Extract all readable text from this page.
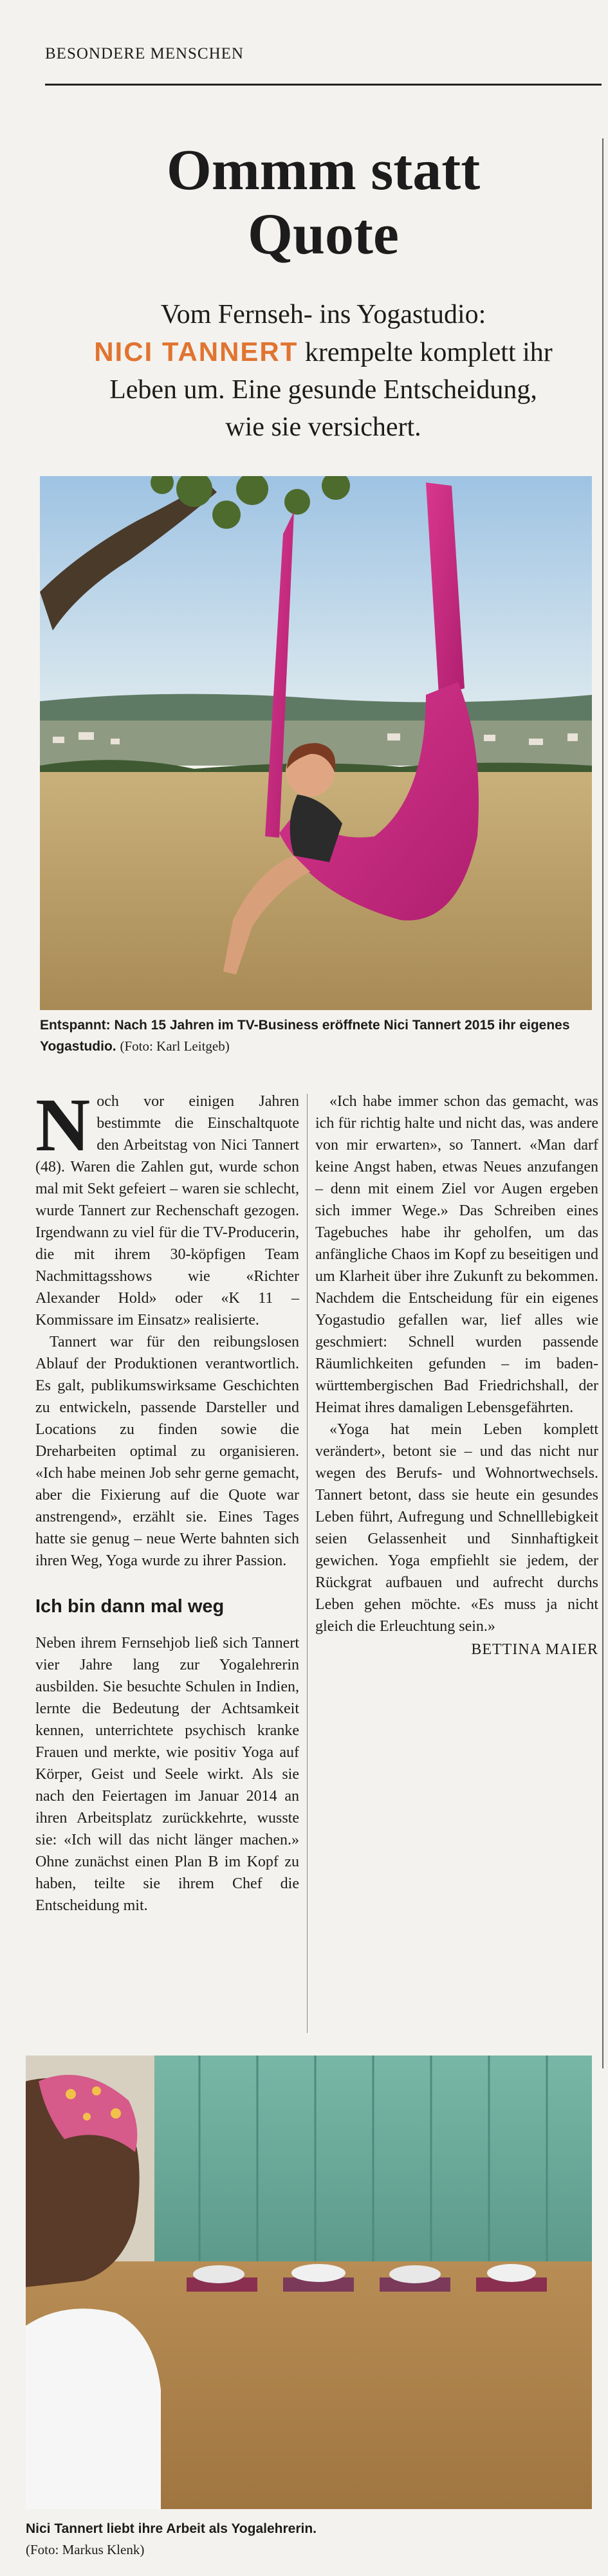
BESONDERE MENSCHEN
Ommm statt
Quote
Vom Fernseh- ins Yogastudio:
NICI TANNERT krempelte komplett ihr
Leben um. Eine gesunde Entscheidung,
wie sie versichert.
Entspannt: Nach 15 Jahren im TV-Business eröffnete Nici Tannert 2015 ihr eigenes Yogastudio. (Foto: Karl Leitgeb)

Noch vor einigen Jahren bestimmte die Einschaltquote den Arbeitstag von Nici Tannert (48). Waren die Zahlen gut, wurde schon mal mit Sekt gefeiert – waren sie schlecht, wurde Tannert zur Rechenschaft gezogen. Irgendwann zu viel für die TV-Producerin, die mit ihrem 30-köpfigen Team Nachmittagsshows wie «Richter Alexander Hold» oder «K 11 – Kommissare im Einsatz» realisierte.

Tannert war für den reibungslosen Ablauf der Produktionen verantwortlich. Es galt, publikumswirksame Geschichten zu entwickeln, passende Darsteller und Locations zu finden sowie die Dreharbeiten optimal zu organisieren. «Ich habe meinen Job sehr gerne gemacht, aber die Fixierung auf die Quote war anstrengend», erzählt sie. Eines Tages hatte sie genug – neue Werte bahnten sich ihren Weg, Yoga wurde zu ihrer Passion.

Ich bin dann mal weg

Neben ihrem Fernsehjob ließ sich Tannert vier Jahre lang zur Yogalehrerin ausbilden. Sie besuchte Schulen in Indien, lernte die Bedeutung der Achtsamkeit kennen, unterrichtete psychisch kranke Frauen und merkte, wie positiv Yoga auf Körper, Geist und Seele wirkt. Als sie nach den Feiertagen im Januar 2014 an ihren Arbeitsplatz zurückkehrte, wusste sie: «Ich will das nicht länger machen.» Ohne zunächst einen Plan B im Kopf zu haben, teilte sie ihrem Chef die Entscheidung mit.

«Ich habe immer schon das gemacht, was ich für richtig halte und nicht das, was andere von mir erwarten», so Tannert. «Man darf keine Angst haben, etwas Neues anzufangen – denn mit einem Ziel vor Augen ergeben sich immer Wege.» Das Schreiben eines Tagebuches habe ihr geholfen, um das anfängliche Chaos im Kopf zu beseitigen und um Klarheit über ihre Zukunft zu bekommen. Nachdem die Entscheidung für ein eigenes Yogastudio gefallen war, lief alles wie geschmiert: Schnell wurden passende Räumlichkeiten gefunden – im baden-württembergischen Bad Friedrichshall, der Heimat ihres damaligen Lebensgefährten.

«Yoga hat mein Leben komplett verändert», betont sie – und das nicht nur wegen des Berufs- und Wohnortwechsels. Tannert betont, dass sie heute ein gesundes Leben führt, Aufregung und Schnelllebigkeit seien Gelassenheit und Sinnhaftigkeit gewichen. Yoga empfiehlt sie jedem, der Rückgrat aufbauen und aufrecht durchs Leben gehen möchte. «Es muss ja nicht gleich die Erleuchtung sein.»

BETTINA MAIER
Nici Tannert liebt ihre Arbeit als Yogalehrerin.
(Foto: Markus Klenk)
